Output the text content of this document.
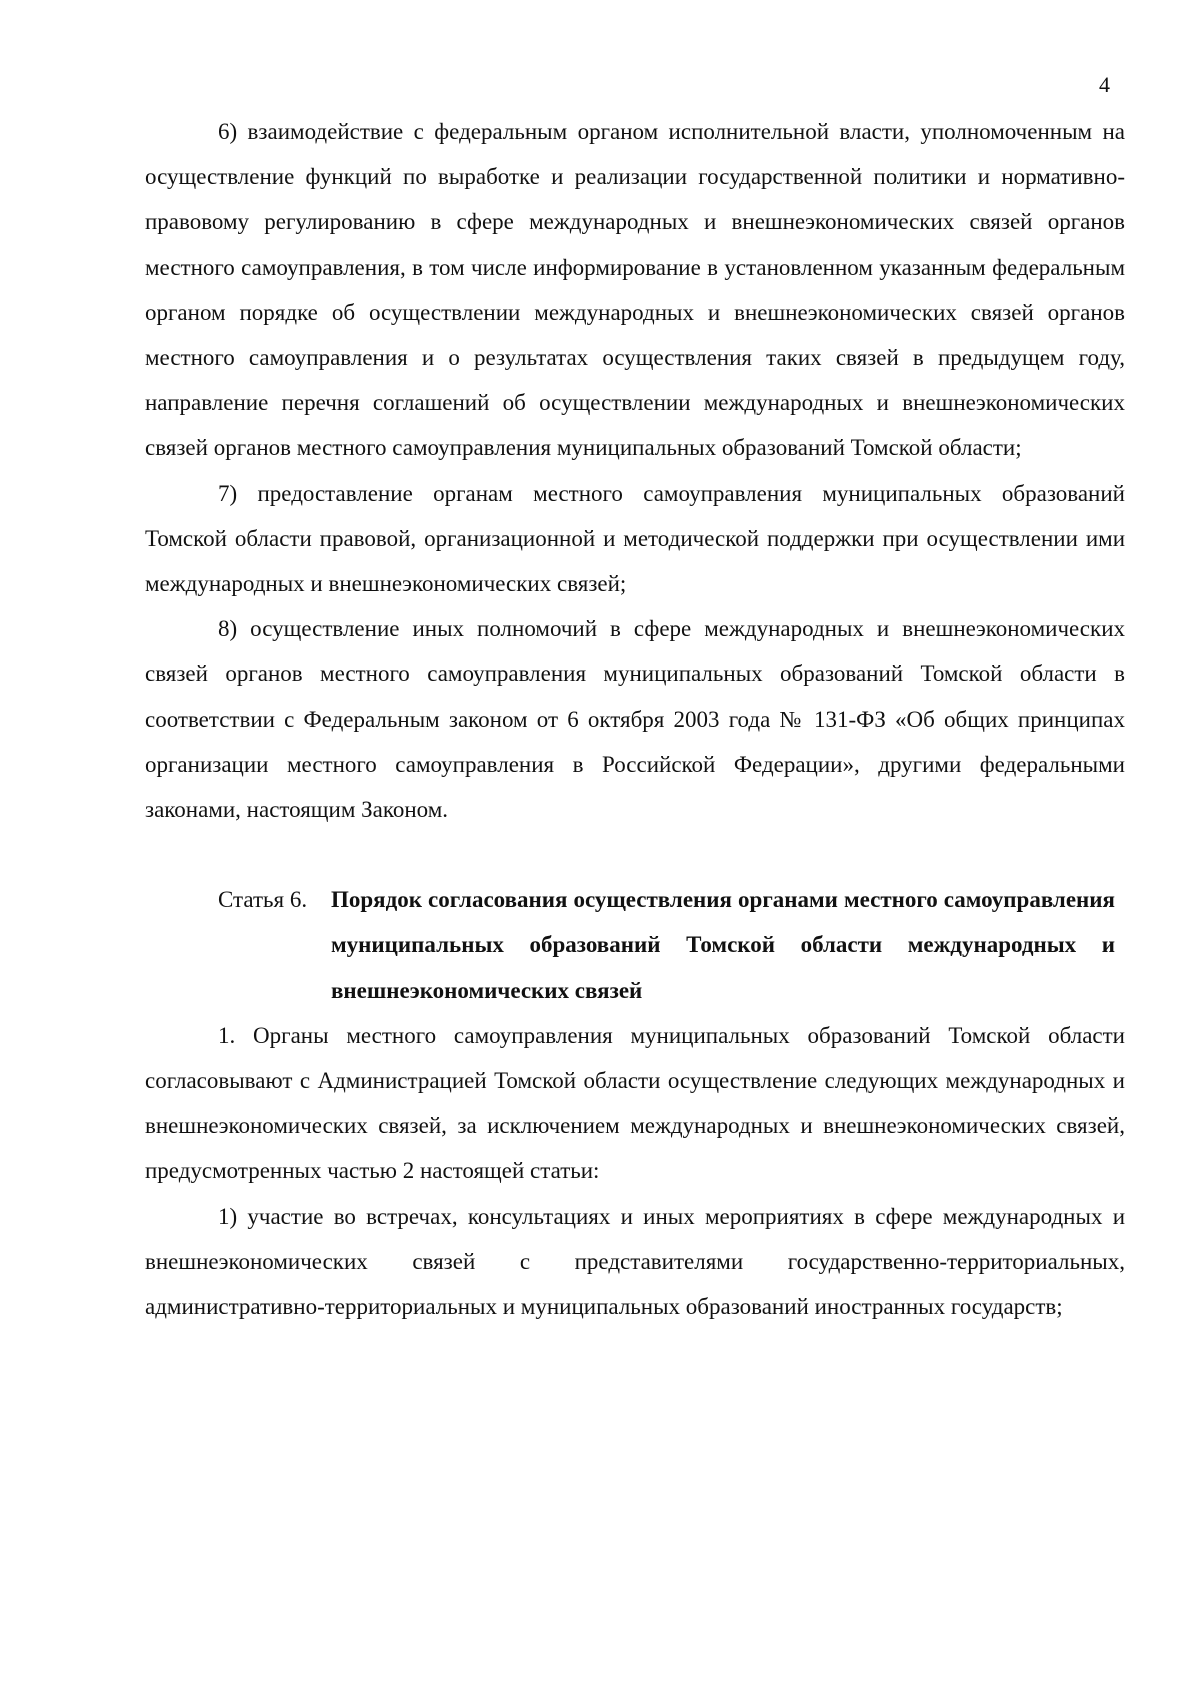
4

6) взаимодействие с федеральным органом исполнительной власти, уполномоченным на осуществление функций по выработке и реализации государственной политики и нормативно-правовому регулированию в сфере международных и внешнеэкономических связей органов местного самоуправления, в том числе информирование в установленном указанным федеральным органом порядке об осуществлении международных и внешнеэкономических связей органов местного самоуправления и о результатах осуществления таких связей в предыдущем году, направление перечня соглашений об осуществлении международных и внешнеэкономических связей органов местного самоуправления муниципальных образований Томской области;

7) предоставление органам местного самоуправления муниципальных образований Томской области правовой, организационной и методической поддержки при осуществлении ими международных и внешнеэкономических связей;

8) осуществление иных полномочий в сфере международных и внешнеэкономических связей органов местного самоуправления муниципальных образований Томской области в соответствии с Федеральным законом от 6 октября 2003 года № 131-ФЗ «Об общих принципах организации местного самоуправления в Российской Федерации», другими федеральными законами, настоящим Законом.

Статья 6.	Порядок согласования осуществления органами местного самоуправления муниципальных образований Томской области международных и внешнеэкономических связей

1. Органы местного самоуправления муниципальных образований Томской области согласовывают с Администрацией Томской области осуществление следующих международных и внешнеэкономических связей, за исключением международных и внешнеэкономических связей, предусмотренных частью 2 настоящей статьи:

1) участие во встречах, консультациях и иных мероприятиях в сфере международных и внешнеэкономических связей с представителями государственно-территориальных, административно-территориальных и муниципальных образований иностранных государств;
